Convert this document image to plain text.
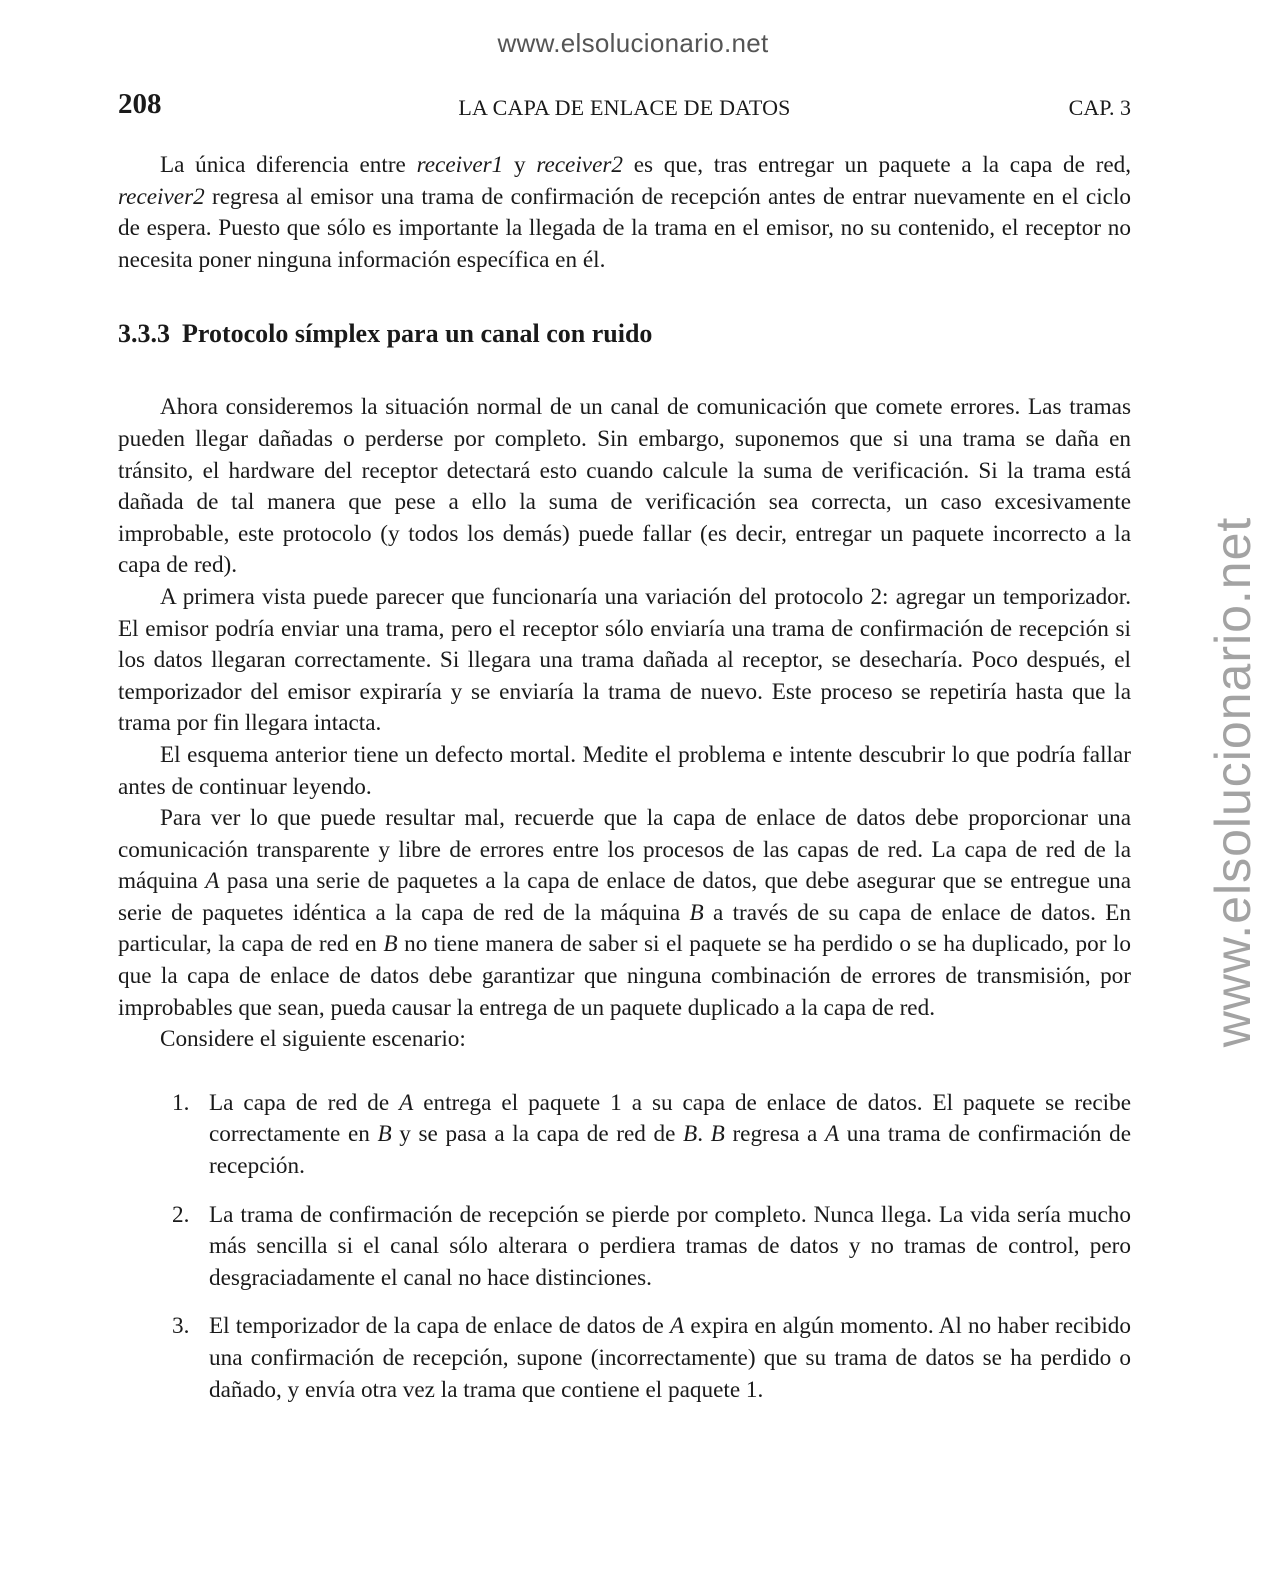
www.elsolucionario.net
www.elsolucionario.net
208	LA CAPA DE ENLACE DE DATOS	CAP. 3

La única diferencia entre receiver1 y receiver2 es que, tras entregar un paquete a la capa de red, receiver2 regresa al emisor una trama de confirmación de recepción antes de entrar nuevamente en el ciclo de espera. Puesto que sólo es importante la llegada de la trama en el emisor, no su contenido, el receptor no necesita poner ninguna información específica en él.

3.3.3 Protocolo símplex para un canal con ruido

Ahora consideremos la situación normal de un canal de comunicación que comete errores. Las tramas pueden llegar dañadas o perderse por completo. Sin embargo, suponemos que si una trama se daña en tránsito, el hardware del receptor detectará esto cuando calcule la suma de verificación. Si la trama está dañada de tal manera que pese a ello la suma de verificación sea correcta, un caso excesivamente improbable, este protocolo (y todos los demás) puede fallar (es decir, entregar un paquete incorrecto a la capa de red).

A primera vista puede parecer que funcionaría una variación del protocolo 2: agregar un temporizador. El emisor podría enviar una trama, pero el receptor sólo enviaría una trama de confirmación de recepción si los datos llegaran correctamente. Si llegara una trama dañada al receptor, se desecharía. Poco después, el temporizador del emisor expiraría y se enviaría la trama de nuevo. Este proceso se repetiría hasta que la trama por fin llegara intacta.

El esquema anterior tiene un defecto mortal. Medite el problema e intente descubrir lo que podría fallar antes de continuar leyendo.

Para ver lo que puede resultar mal, recuerde que la capa de enlace de datos debe proporcionar una comunicación transparente y libre de errores entre los procesos de las capas de red. La capa de red de la máquina A pasa una serie de paquetes a la capa de enlace de datos, que debe asegurar que se entregue una serie de paquetes idéntica a la capa de red de la máquina B a través de su capa de enlace de datos. En particular, la capa de red en B no tiene manera de saber si el paquete se ha perdido o se ha duplicado, por lo que la capa de enlace de datos debe garantizar que ninguna combinación de errores de transmisión, por improbables que sean, pueda causar la entrega de un paquete duplicado a la capa de red.

Considere el siguiente escenario:

1. La capa de red de A entrega el paquete 1 a su capa de enlace de datos. El paquete se recibe correctamente en B y se pasa a la capa de red de B. B regresa a A una trama de confirmación de recepción.
2. La trama de confirmación de recepción se pierde por completo. Nunca llega. La vida sería mucho más sencilla si el canal sólo alterara o perdiera tramas de datos y no tramas de control, pero desgraciadamente el canal no hace distinciones.
3. El temporizador de la capa de enlace de datos de A expira en algún momento. Al no haber recibido una confirmación de recepción, supone (incorrectamente) que su trama de datos se ha perdido o dañado, y envía otra vez la trama que contiene el paquete 1.
